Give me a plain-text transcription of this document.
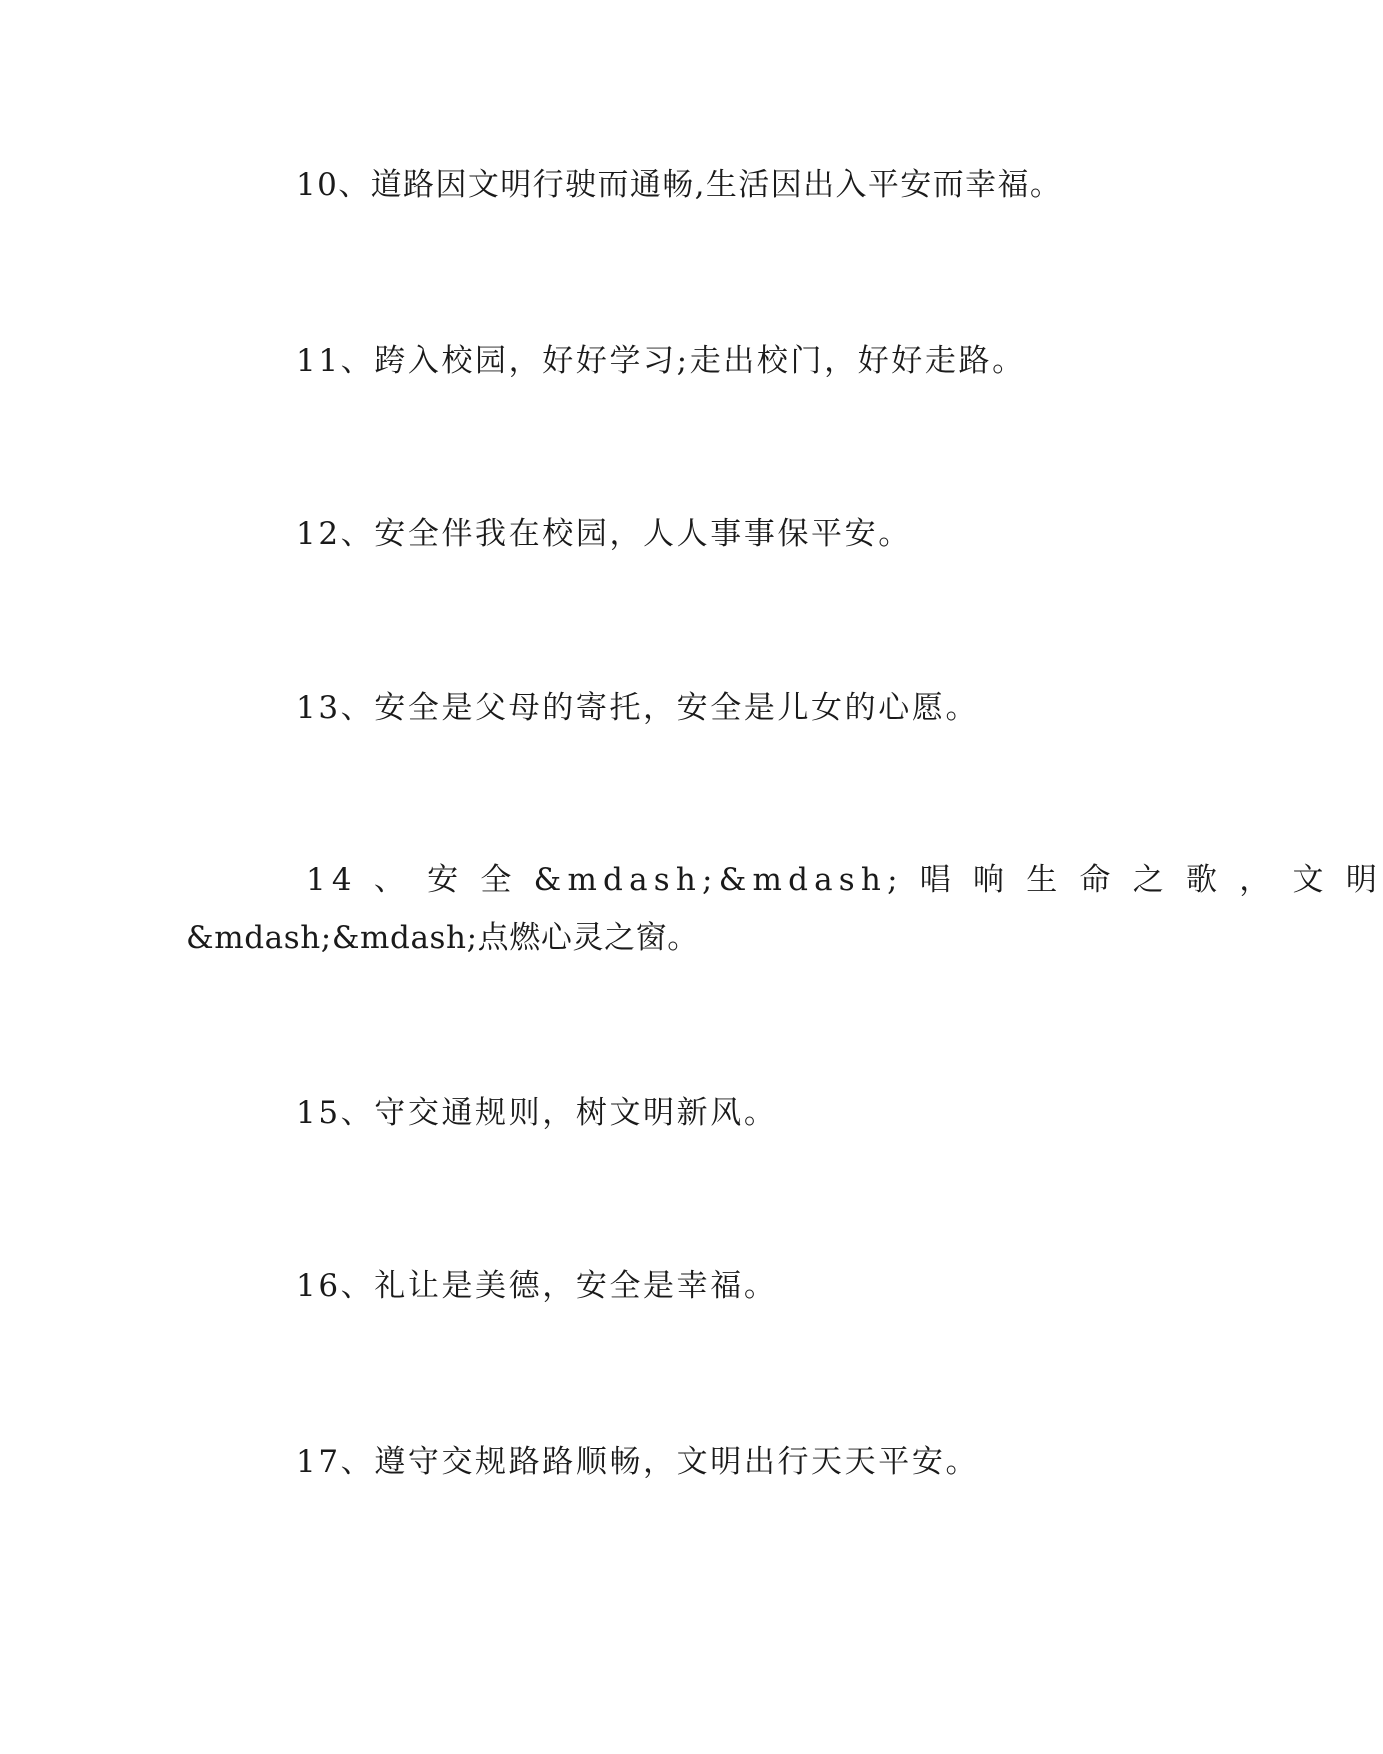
10、道路因文明行驶而通畅,生活因出入平安而幸福。

11、跨入校园，好好学习;走出校门，好好走路。

12、安全伴我在校园，人人事事保平安。

13、安全是父母的寄托，安全是儿女的心愿。

14 、 安 全 &mdash;&mdash; 唱 响 生 命 之 歌 ， 文 明

&mdash;&mdash;点燃心灵之窗。

15、守交通规则，树文明新风。

16、礼让是美德，安全是幸福。

17、遵守交规路路顺畅，文明出行天天平安。
